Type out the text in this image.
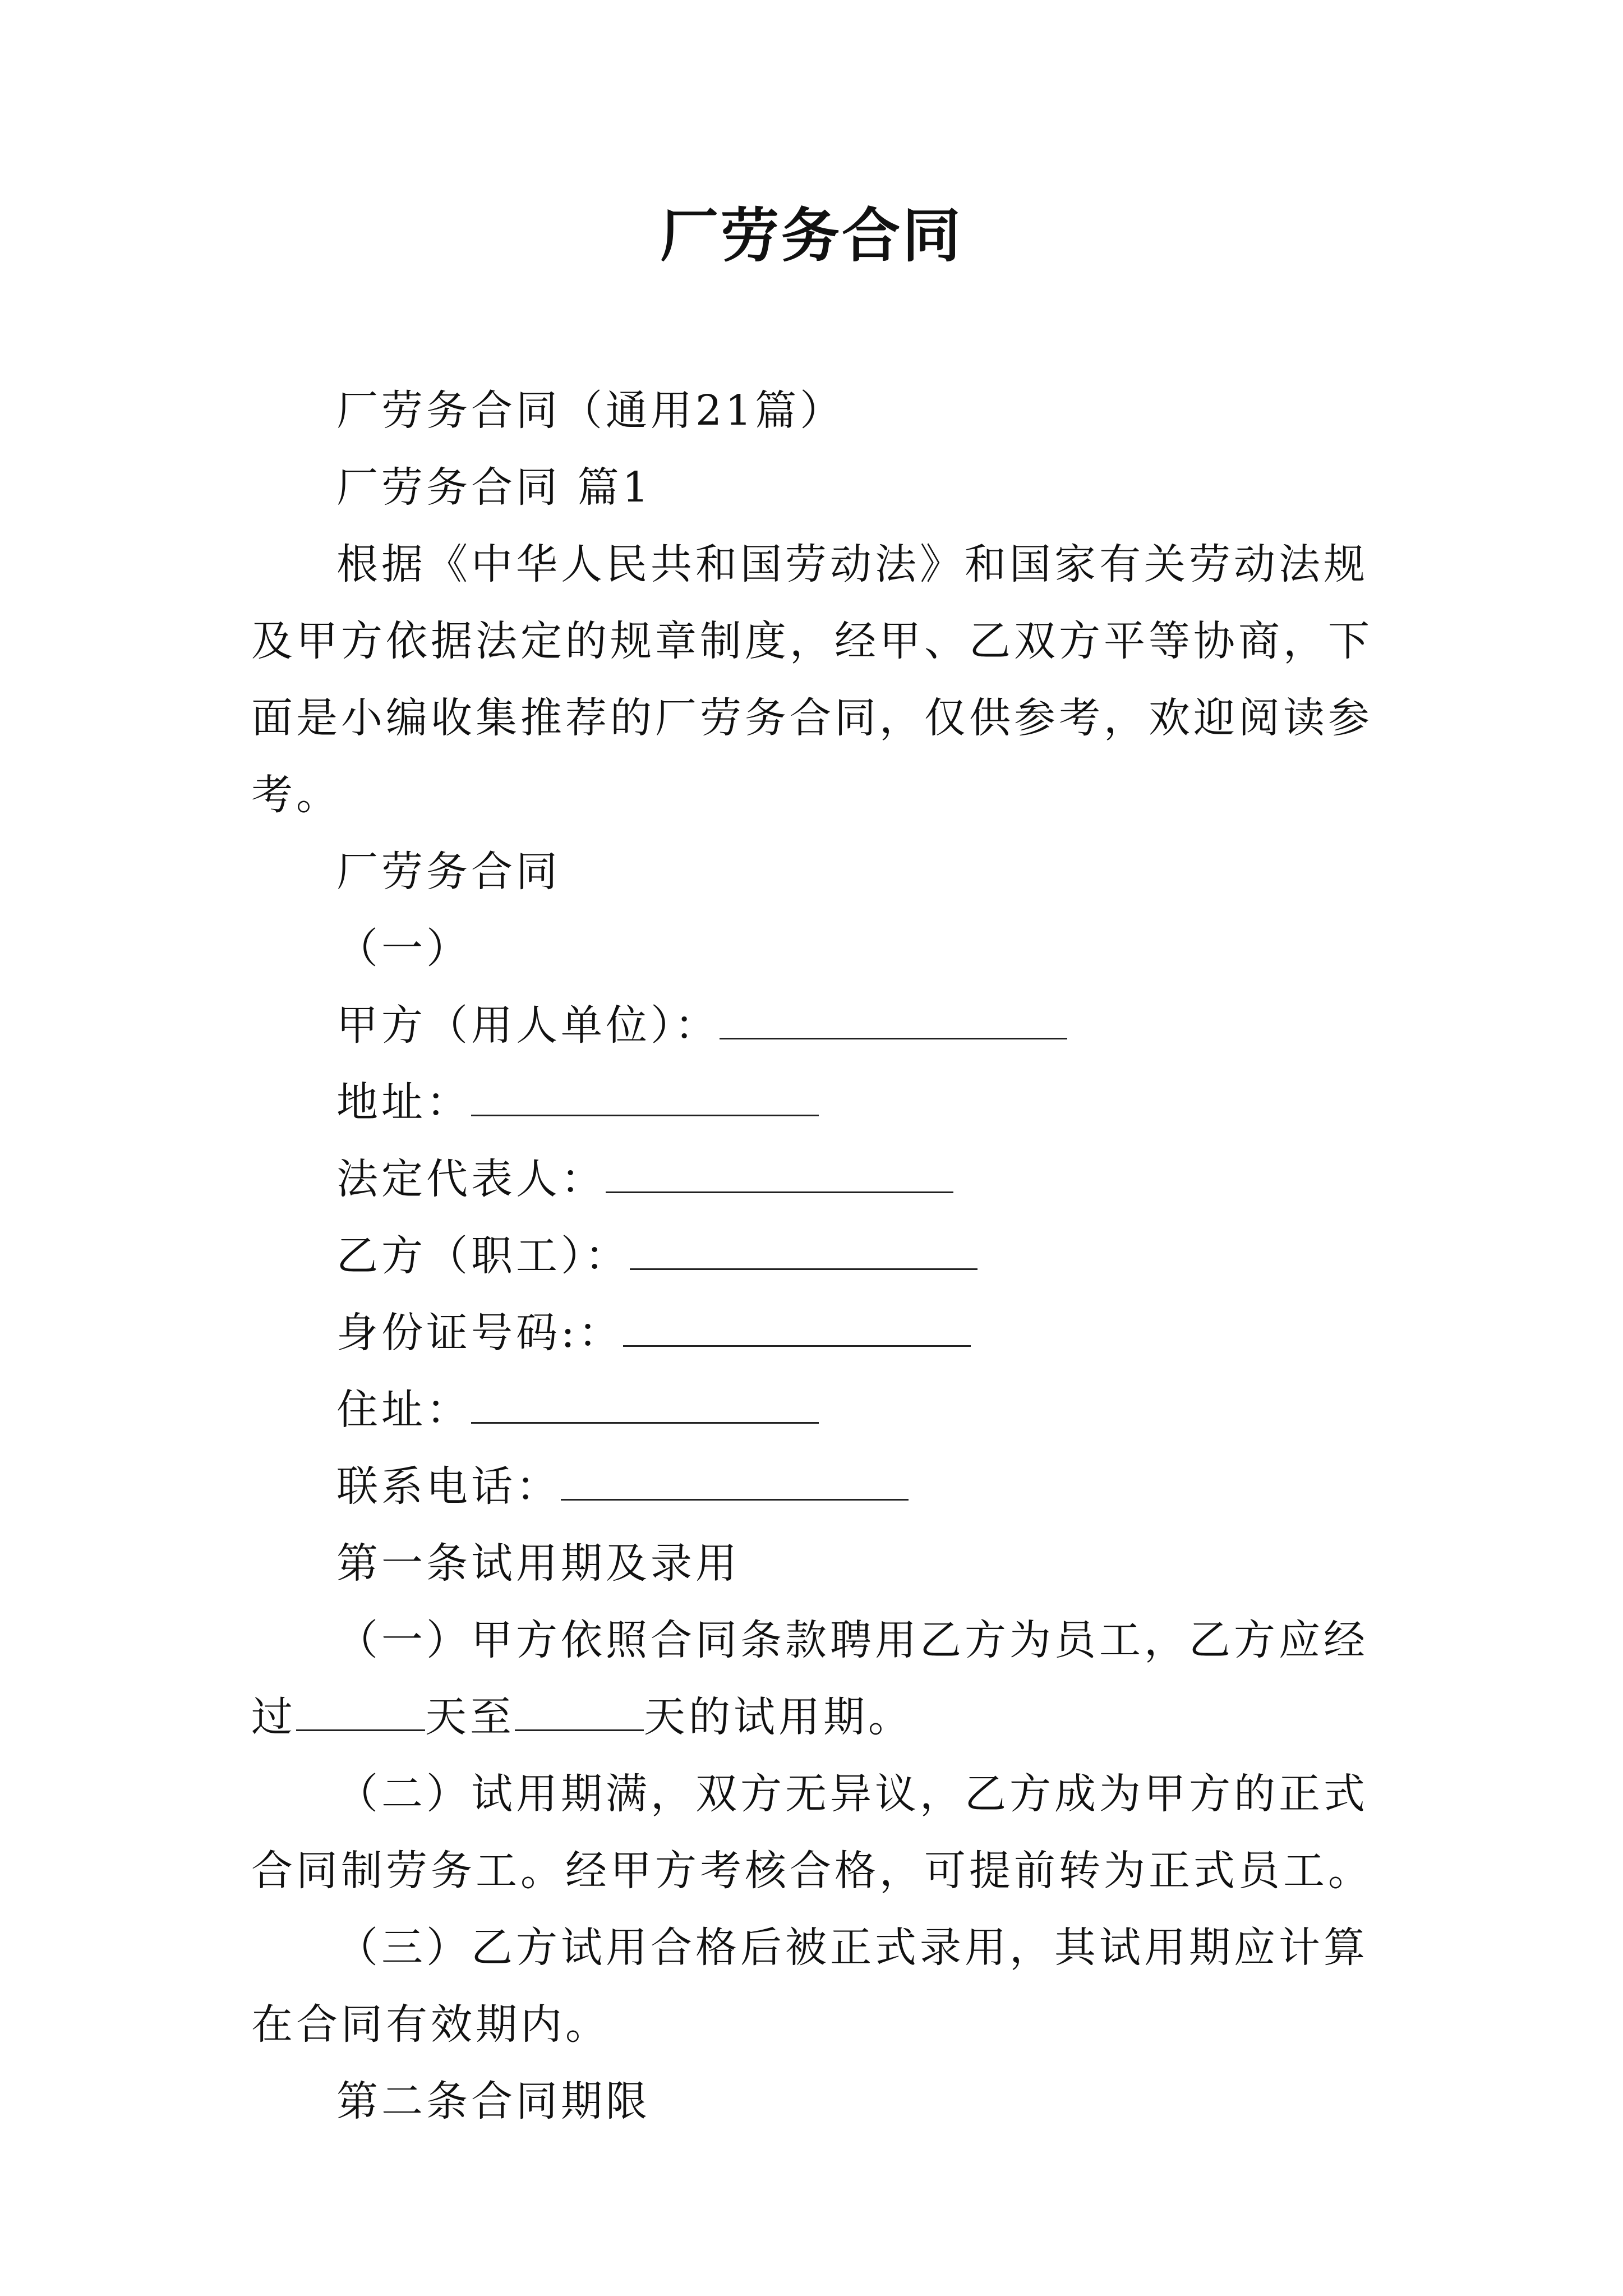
厂劳务合同

厂劳务合同（通用21篇）

厂劳务合同 篇1

根据《中华人民共和国劳动法》和国家有关劳动法规及甲方依据法定的规章制度，经甲、乙双方平等协商，下面是小编收集推荐的厂劳务合同，仅供参考，欢迎阅读参考。

厂劳务合同

（一）

甲方（用人单位）：

地址：

法定代表人：

乙方（职工）：

身份证号码:：

住址：

联系电话：

第一条试用期及录用

（一）甲方依照合同条款聘用乙方为员工，乙方应经过	天至	天的试用期。

（二）试用期满，双方无异议，乙方成为甲方的正式合同制劳务工。经甲方考核合格，可提前转为正式员工。

（三）乙方试用合格后被正式录用，其试用期应计算在合同有效期内。

第二条合同期限
